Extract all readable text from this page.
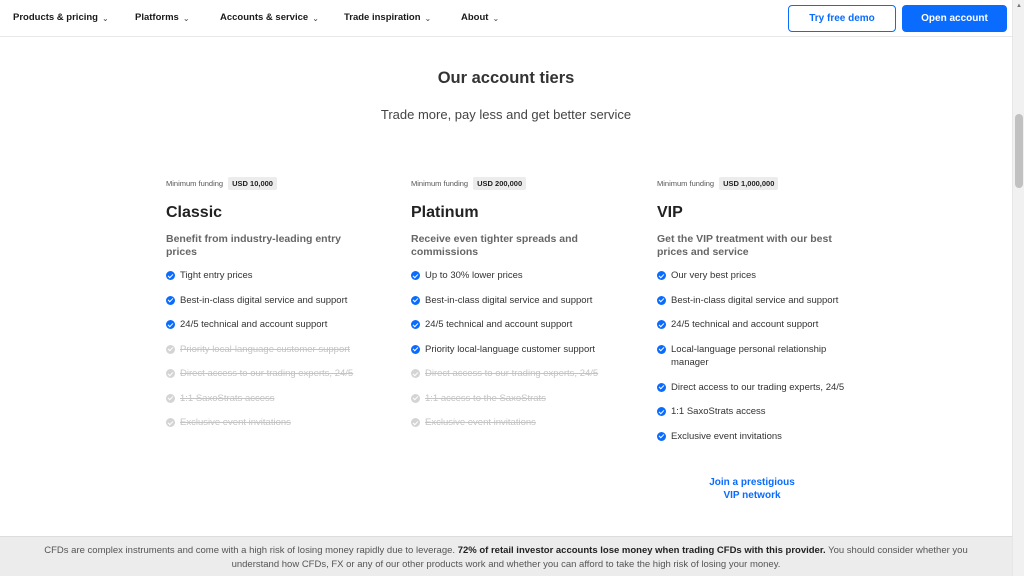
Products & pricing ⌄	Platforms ⌄	Accounts & service ⌄	Trade inspiration ⌄	About ⌄	Try free demo	Open account
▲
Our account tiers
Trade more, pay less and get better service
Minimum funding	USD 10,000
Classic
Benefit from industry-leading entry prices
Tight entry prices
Best-in-class digital service and support
24/5 technical and account support
Priority local-language customer support
Direct access to our trading experts, 24/5
1:1 SaxoStrats access
Exclusive event invitations
Minimum funding	USD 200,000
Platinum
Receive even tighter spreads and commissions
Up to 30% lower prices
Best-in-class digital service and support
24/5 technical and account support
Priority local-language customer support
Direct access to our trading experts, 24/5
1:1 access to the SaxoStrats
Exclusive event invitations
Minimum funding	USD 1,000,000
VIP
Get the VIP treatment with our best prices and service
Our very best prices
Best-in-class digital service and support
24/5 technical and account support
Local-language personal relationship manager
Direct access to our trading experts, 24/5
1:1 SaxoStrats access
Exclusive event invitations
Join a prestigious VIP network
CFDs are complex instruments and come with a high risk of losing money rapidly due to leverage. 72% of retail investor accounts lose money when trading CFDs with this provider. You should consider whether you understand how CFDs, FX or any of our other products work and whether you can afford to take the high risk of losing your money.
